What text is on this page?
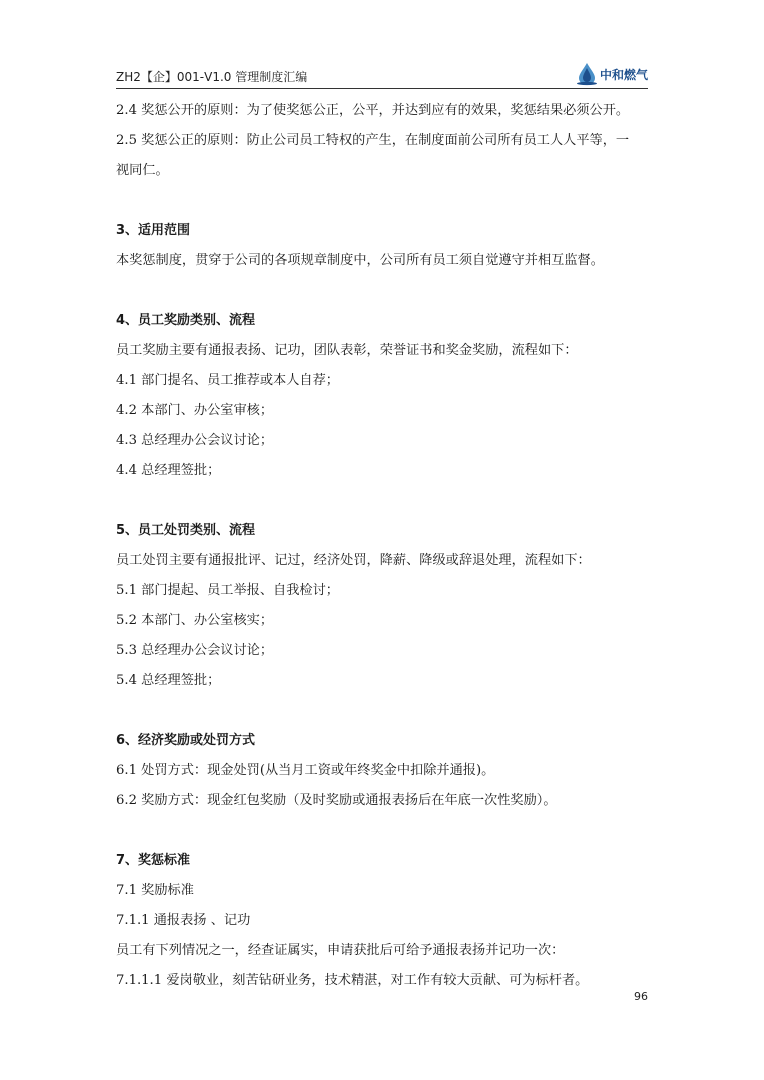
ZH2【企】001-V1.0 管理制度汇编	中和燃气
2.4 奖惩公开的原则：为了使奖惩公正，公平，并达到应有的效果，奖惩结果必须公开。
2.5 奖惩公正的原则：防止公司员工特权的产生，在制度面前公司所有员工人人平等，一
视同仁。
3、适用范围
本奖惩制度，贯穿于公司的各项规章制度中，公司所有员工须自觉遵守并相互监督。
4、员工奖励类别、流程
员工奖励主要有通报表扬、记功，团队表彰，荣誉证书和奖金奖励，流程如下：
4.1 部门提名、员工推荐或本人自荐；
4.2 本部门、办公室审核；
4.3 总经理办公会议讨论；
4.4 总经理签批；
5、员工处罚类别、流程
员工处罚主要有通报批评、记过，经济处罚，降薪、降级或辞退处理，流程如下：
5.1 部门提起、员工举报、自我检讨；
5.2 本部门、办公室核实；
5.3 总经理办公会议讨论；
5.4 总经理签批；
6、经济奖励或处罚方式
6.1 处罚方式：现金处罚(从当月工资或年终奖金中扣除并通报)。
6.2 奖励方式：现金红包奖励（及时奖励或通报表扬后在年底一次性奖励）。
7、奖惩标准
7.1 奖励标准
7.1.1 通报表扬 、记功
员工有下列情况之一，经查证属实，申请获批后可给予通报表扬并记功一次：
7.1.1.1 爱岗敬业，刻苦钻研业务，技术精湛，对工作有较大贡献、可为标杆者。
96
